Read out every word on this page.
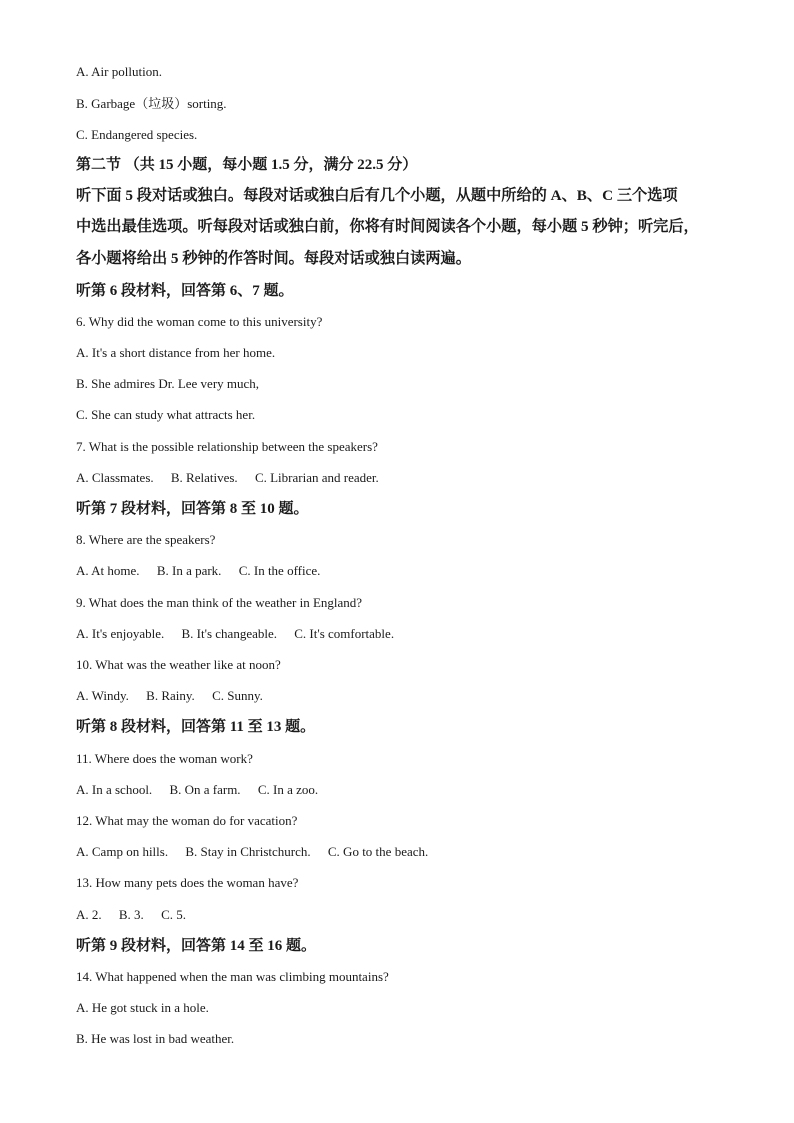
A. Air pollution.
B. Garbage（垃圾）sorting.
C. Endangered species.
第二节 （共 15 小题，每小题 1.5 分，满分 22.5 分）
听下面 5 段对话或独白。每段对话或独白后有几个小题，从题中所给的 A、B、C 三个选项
中选出最佳选项。听每段对话或独白前，你将有时间阅读各个小题，每小题 5 秒钟；听完后，
各小题将给出 5 秒钟的作答时间。每段对话或独白读两遍。
听第 6 段材料，回答第 6、7 题。
6. Why did the woman come to this university?
A. It's a short distance from her home.
B. She admires Dr. Lee very much,
C. She can study what attracts her.
7. What is the possible relationship between the speakers?
A. Classmates. B. Relatives. C. Librarian and reader.
听第 7 段材料，回答第 8 至 10 题。
8. Where are the speakers?
A. At home. B. In a park. C. In the office.
9. What does the man think of the weather in England?
A. It's enjoyable. B. It's changeable. C. It's comfortable.
10. What was the weather like at noon?
A. Windy. B. Rainy. C. Sunny.
听第 8 段材料，回答第 11 至 13 题。
11. Where does the woman work?
A. In a school. B. On a farm. C. In a zoo.
12. What may the woman do for vacation?
A. Camp on hills. B. Stay in Christchurch. C. Go to the beach.
13. How many pets does the woman have?
A. 2. B. 3. C. 5.
听第 9 段材料，回答第 14 至 16 题。
14. What happened when the man was climbing mountains?
A. He got stuck in a hole.
B. He was lost in bad weather.
